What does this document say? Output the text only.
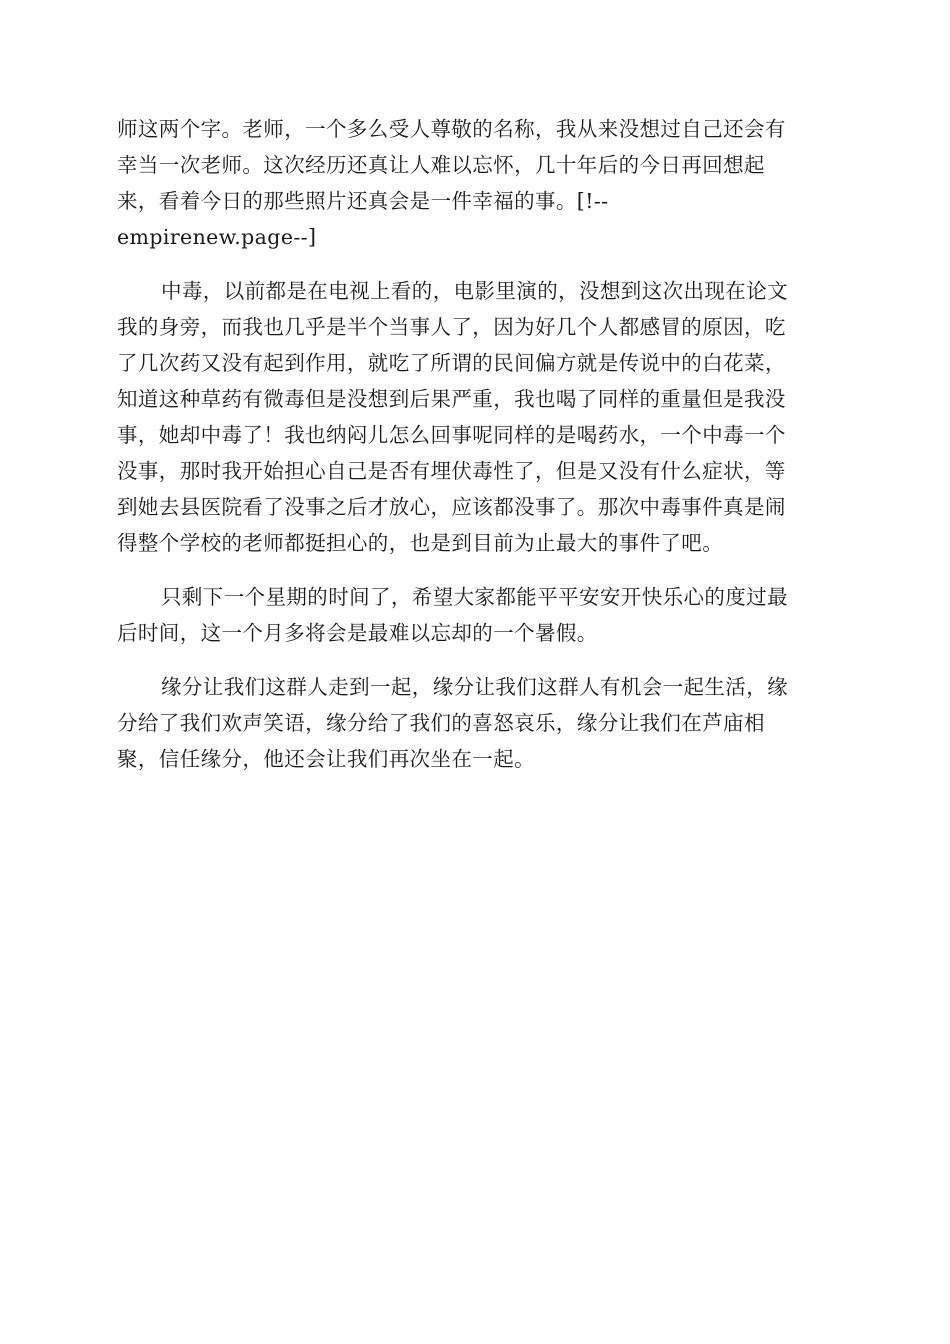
师这两个字。老师，一个多么受人尊敬的名称，我从来没想过自己还会有
幸当一次老师。这次经历还真让人难以忘怀，几十年后的今日再回想起
来，看着今日的那些照片还真会是一件幸福的事。[!--
empirenew.page--]

中毒，以前都是在电视上看的，电影里演的，没想到这次出现在论文
我的身旁，而我也几乎是半个当事人了，因为好几个人都感冒的原因，吃
了几次药又没有起到作用，就吃了所谓的民间偏方就是传说中的白花菜，
知道这种草药有微毒但是没想到后果严重，我也喝了同样的重量但是我没
事，她却中毒了！我也纳闷儿怎么回事呢同样的是喝药水，一个中毒一个
没事，那时我开始担心自己是否有埋伏毒性了，但是又没有什么症状，等
到她去县医院看了没事之后才放心，应该都没事了。那次中毒事件真是闹
得整个学校的老师都挺担心的，也是到目前为止最大的事件了吧。

只剩下一个星期的时间了，希望大家都能平平安安开快乐心的度过最
后时间，这一个月多将会是最难以忘却的一个暑假。

缘分让我们这群人走到一起，缘分让我们这群人有机会一起生活，缘
分给了我们欢声笑语，缘分给了我们的喜怒哀乐，缘分让我们在芦庙相
聚，信任缘分，他还会让我们再次坐在一起。
